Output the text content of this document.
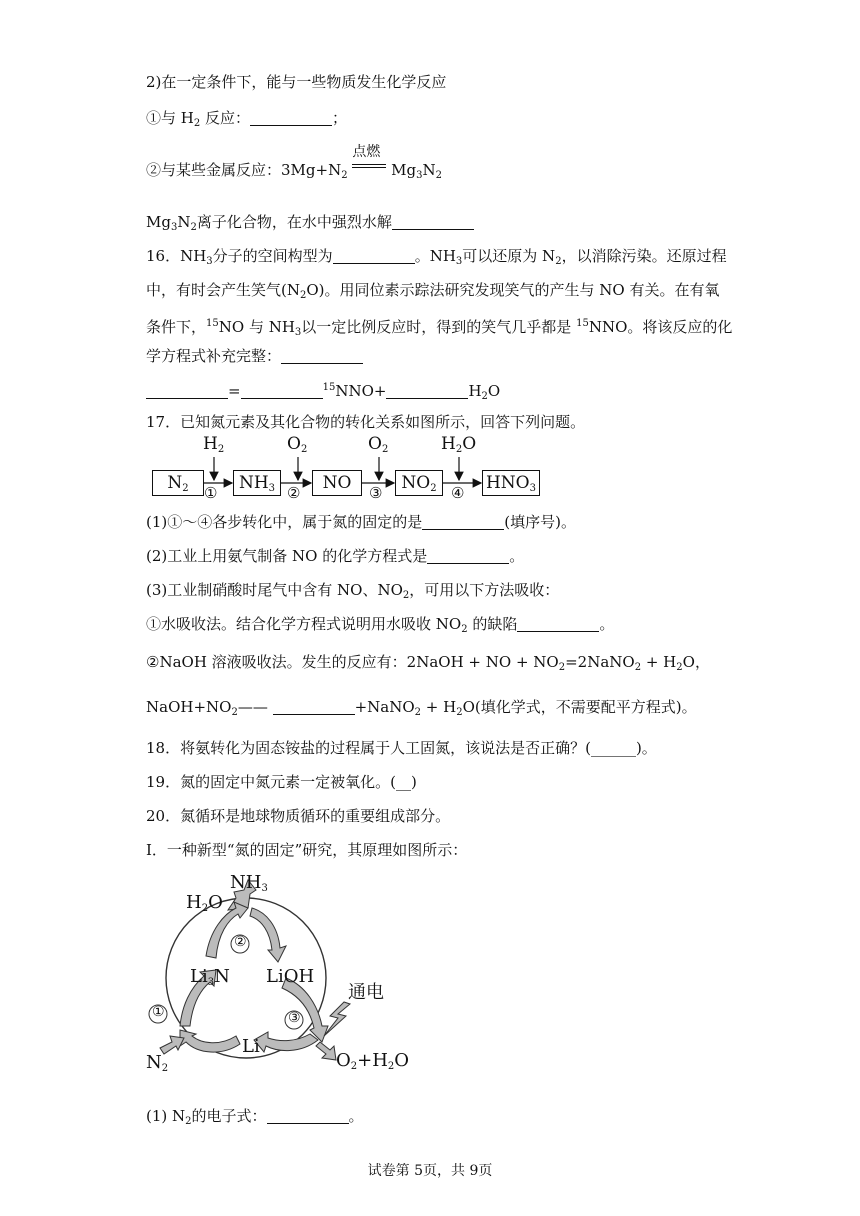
2)在一定条件下，能与一些物质发生化学反应
①与 $H_2$ 反应：	；
②与某些金属反应：$3Mg+N_2$
点燃
$Mg_3N_2$
$Mg_3N_2$离子化合物，在水中强烈水解
16．$NH_3$分子的空间构型为	。$NH_3$可以还原为 $N_2$，以消除污染。还原过程
中，有时会产生笑气$(N_2O)$。用同位素示踪法研究发现笑气的产生与 NO 有关。在有氧
条件下，$^{15}$NO 与 $NH_3$以一定比例反应时，得到的笑气几乎都是 $^{15}$NNO。将该反应的化
学方程式补充完整：
=	$^{15}$NNO+	$H_2O$
17．已知氮元素及其化合物的转化关系如图所示，回答下列问题。
$N_2$	$NH_3$	NO	$NO_2$	$HNO_3$
$H_2$	$O_2$	$O_2$	$H_2O$
①	②	③	④
(1)①～④各步转化中，属于氮的固定的是	(填序号)。
(2)工业上用氨气制备 NO 的化学方程式是	。
(3)工业制硝酸时尾气中含有 NO、$NO_2$，可用以下方法吸收：
①水吸收法。结合化学方程式说明用水吸收 $NO_2$ 的缺陷	。
②NaOH 溶液吸收法。发生的反应有：2NaOH + NO + $NO_2=2NaNO_2 + H_2O$，
$NaOH+NO_2——$	+NaNO$_2$ + $H_2O$(填化学式，不需要配平方程式)。
18．将氨转化为固态铵盐的过程属于人工固氮，该说法是否正确？(______)。
19．氮的固定中氮元素一定被氧化。(__)
20．氮循环是地球物质循环的重要组成部分。
Ⅰ．一种新型“氮的固定”研究，其原理如图所示：
$NH_3$
$H_2O$
$Li_3N$ LiOH
Li
通电
$N_2$	$O_2+H_2O$
②
③
①
(1) $N_2$的电子式：	。
试卷第 5页，共 9页
